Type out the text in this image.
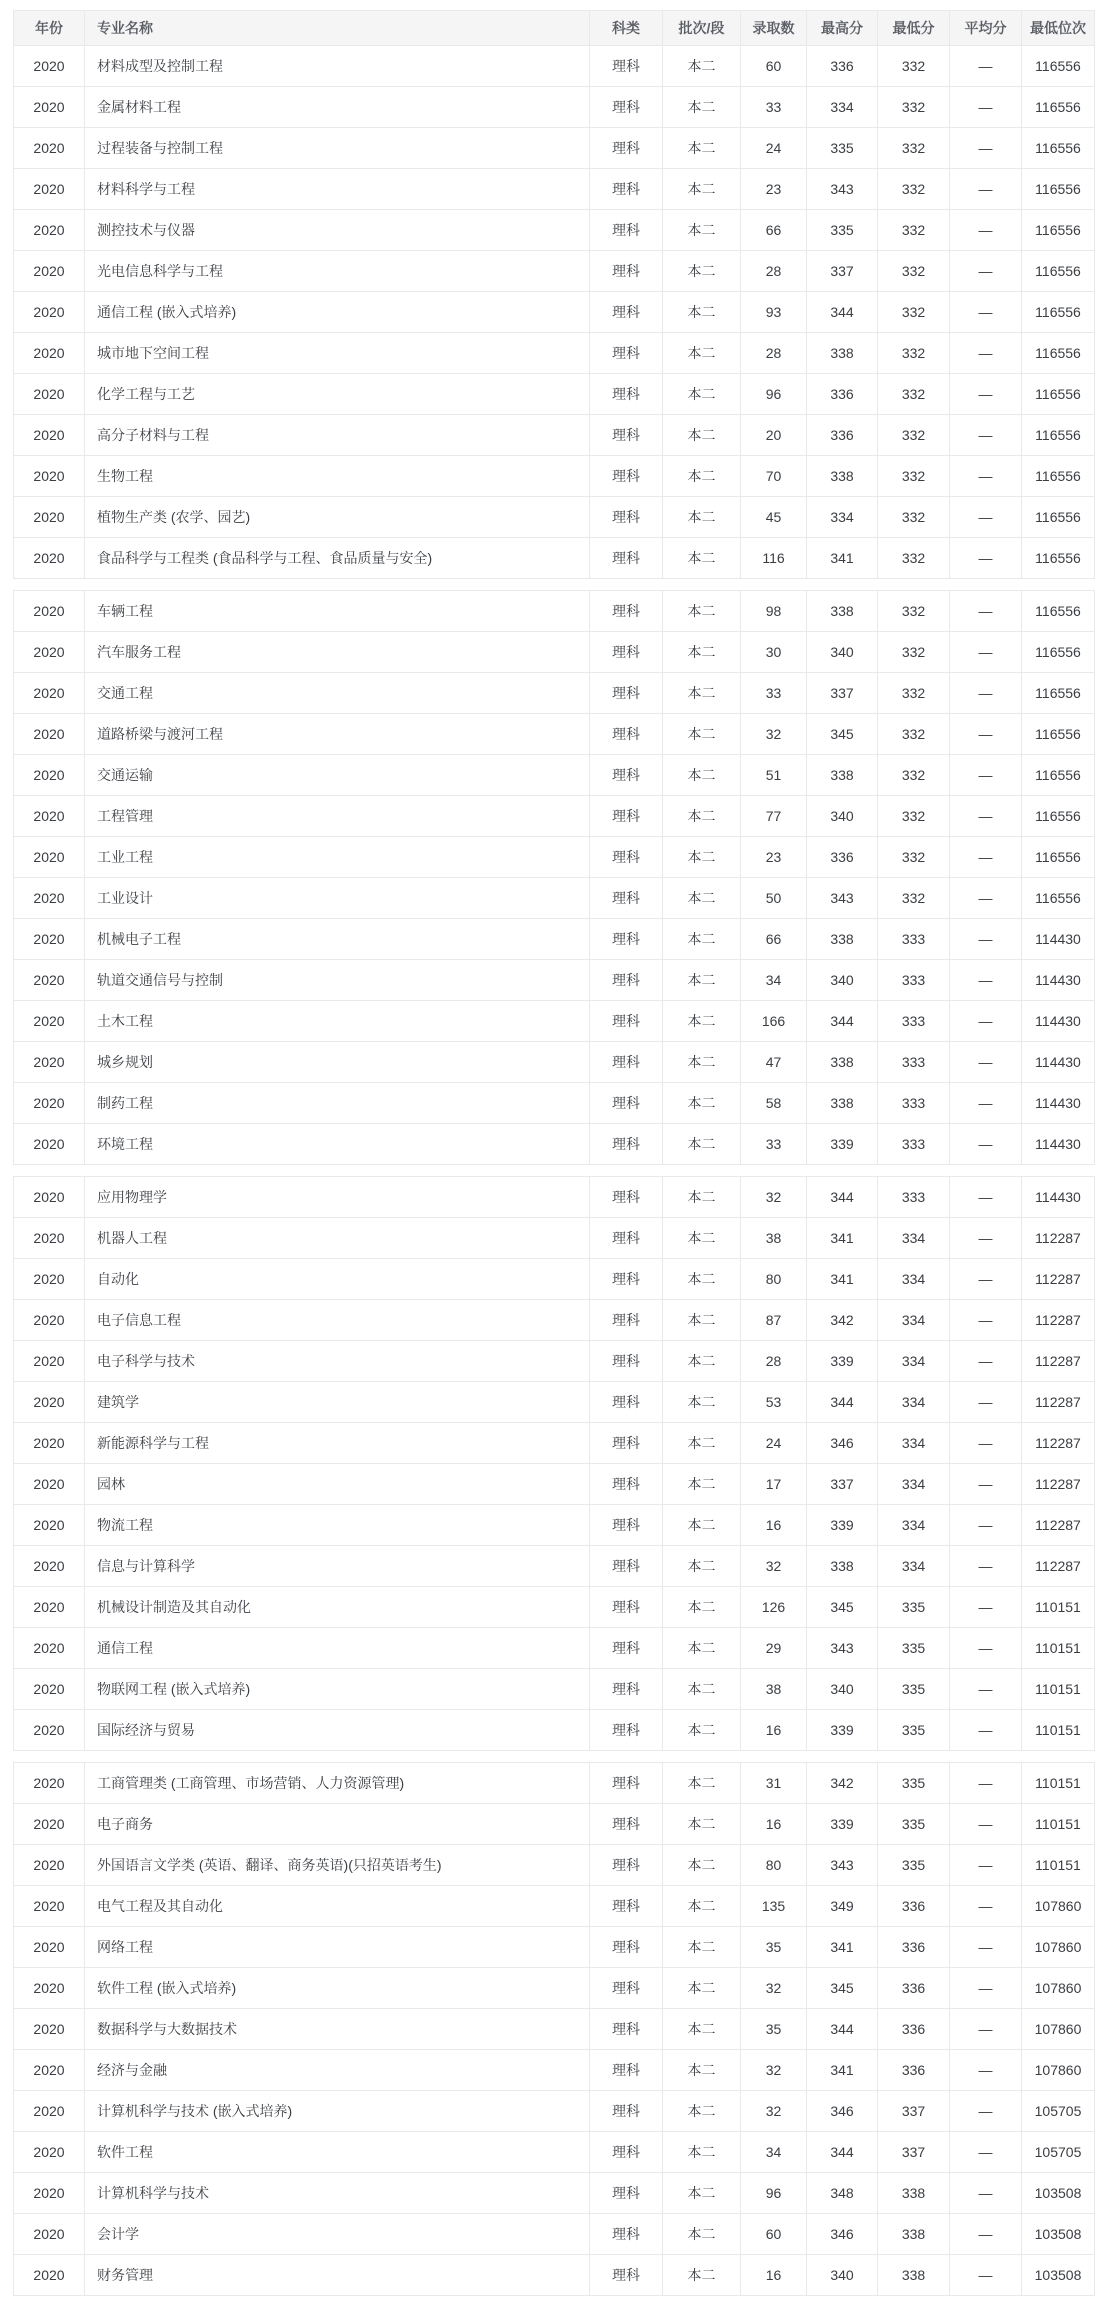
年份	专业名称	科类	批次/段	录取数	最高分	最低分	平均分	最低位次
2020	材料成型及控制工程	理科	本二	60	336	332	—	116556
2020	金属材料工程	理科	本二	33	334	332	—	116556
2020	过程装备与控制工程	理科	本二	24	335	332	—	116556
2020	材料科学与工程	理科	本二	23	343	332	—	116556
2020	测控技术与仪器	理科	本二	66	335	332	—	116556
2020	光电信息科学与工程	理科	本二	28	337	332	—	116556
2020	通信工程 (嵌入式培养)	理科	本二	93	344	332	—	116556
2020	城市地下空间工程	理科	本二	28	338	332	—	116556
2020	化学工程与工艺	理科	本二	96	336	332	—	116556
2020	高分子材料与工程	理科	本二	20	336	332	—	116556
2020	生物工程	理科	本二	70	338	332	—	116556
2020	植物生产类 (农学、园艺)	理科	本二	45	334	332	—	116556
2020	食品科学与工程类 (食品科学与工程、食品质量与安全)	理科	本二	116	341	332	—	116556
2020	车辆工程	理科	本二	98	338	332	—	116556
2020	汽车服务工程	理科	本二	30	340	332	—	116556
2020	交通工程	理科	本二	33	337	332	—	116556
2020	道路桥梁与渡河工程	理科	本二	32	345	332	—	116556
2020	交通运输	理科	本二	51	338	332	—	116556
2020	工程管理	理科	本二	77	340	332	—	116556
2020	工业工程	理科	本二	23	336	332	—	116556
2020	工业设计	理科	本二	50	343	332	—	116556
2020	机械电子工程	理科	本二	66	338	333	—	114430
2020	轨道交通信号与控制	理科	本二	34	340	333	—	114430
2020	土木工程	理科	本二	166	344	333	—	114430
2020	城乡规划	理科	本二	47	338	333	—	114430
2020	制药工程	理科	本二	58	338	333	—	114430
2020	环境工程	理科	本二	33	339	333	—	114430
2020	应用物理学	理科	本二	32	344	333	—	114430
2020	机器人工程	理科	本二	38	341	334	—	112287
2020	自动化	理科	本二	80	341	334	—	112287
2020	电子信息工程	理科	本二	87	342	334	—	112287
2020	电子科学与技术	理科	本二	28	339	334	—	112287
2020	建筑学	理科	本二	53	344	334	—	112287
2020	新能源科学与工程	理科	本二	24	346	334	—	112287
2020	园林	理科	本二	17	337	334	—	112287
2020	物流工程	理科	本二	16	339	334	—	112287
2020	信息与计算科学	理科	本二	32	338	334	—	112287
2020	机械设计制造及其自动化	理科	本二	126	345	335	—	110151
2020	通信工程	理科	本二	29	343	335	—	110151
2020	物联网工程 (嵌入式培养)	理科	本二	38	340	335	—	110151
2020	国际经济与贸易	理科	本二	16	339	335	—	110151
2020	工商管理类 (工商管理、市场营销、人力资源管理)	理科	本二	31	342	335	—	110151
2020	电子商务	理科	本二	16	339	335	—	110151
2020	外国语言文学类 (英语、翻译、商务英语)(只招英语考生)	理科	本二	80	343	335	—	110151
2020	电气工程及其自动化	理科	本二	135	349	336	—	107860
2020	网络工程	理科	本二	35	341	336	—	107860
2020	软件工程 (嵌入式培养)	理科	本二	32	345	336	—	107860
2020	数据科学与大数据技术	理科	本二	35	344	336	—	107860
2020	经济与金融	理科	本二	32	341	336	—	107860
2020	计算机科学与技术 (嵌入式培养)	理科	本二	32	346	337	—	105705
2020	软件工程	理科	本二	34	344	337	—	105705
2020	计算机科学与技术	理科	本二	96	348	338	—	103508
2020	会计学	理科	本二	60	346	338	—	103508
2020	财务管理	理科	本二	16	340	338	—	103508
